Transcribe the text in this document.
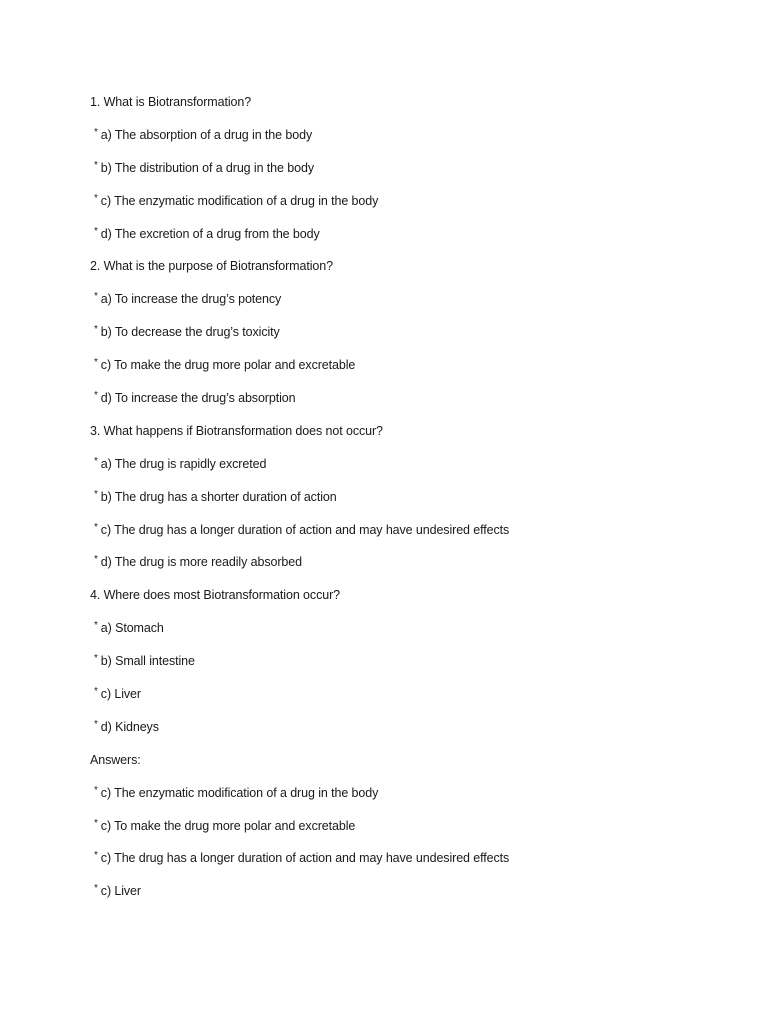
1. What is Biotransformation?
* a) The absorption of a drug in the body
* b) The distribution of a drug in the body
* c) The enzymatic modification of a drug in the body
* d) The excretion of a drug from the body
2. What is the purpose of Biotransformation?
* a) To increase the drug’s potency
* b) To decrease the drug’s toxicity
* c) To make the drug more polar and excretable
* d) To increase the drug’s absorption
3. What happens if Biotransformation does not occur?
* a) The drug is rapidly excreted
* b) The drug has a shorter duration of action
* c) The drug has a longer duration of action and may have undesired effects
* d) The drug is more readily absorbed
4. Where does most Biotransformation occur?
* a) Stomach
* b) Small intestine
* c) Liver
* d) Kidneys
Answers:
* c) The enzymatic modification of a drug in the body
* c) To make the drug more polar and excretable
* c) The drug has a longer duration of action and may have undesired effects
* c) Liver
